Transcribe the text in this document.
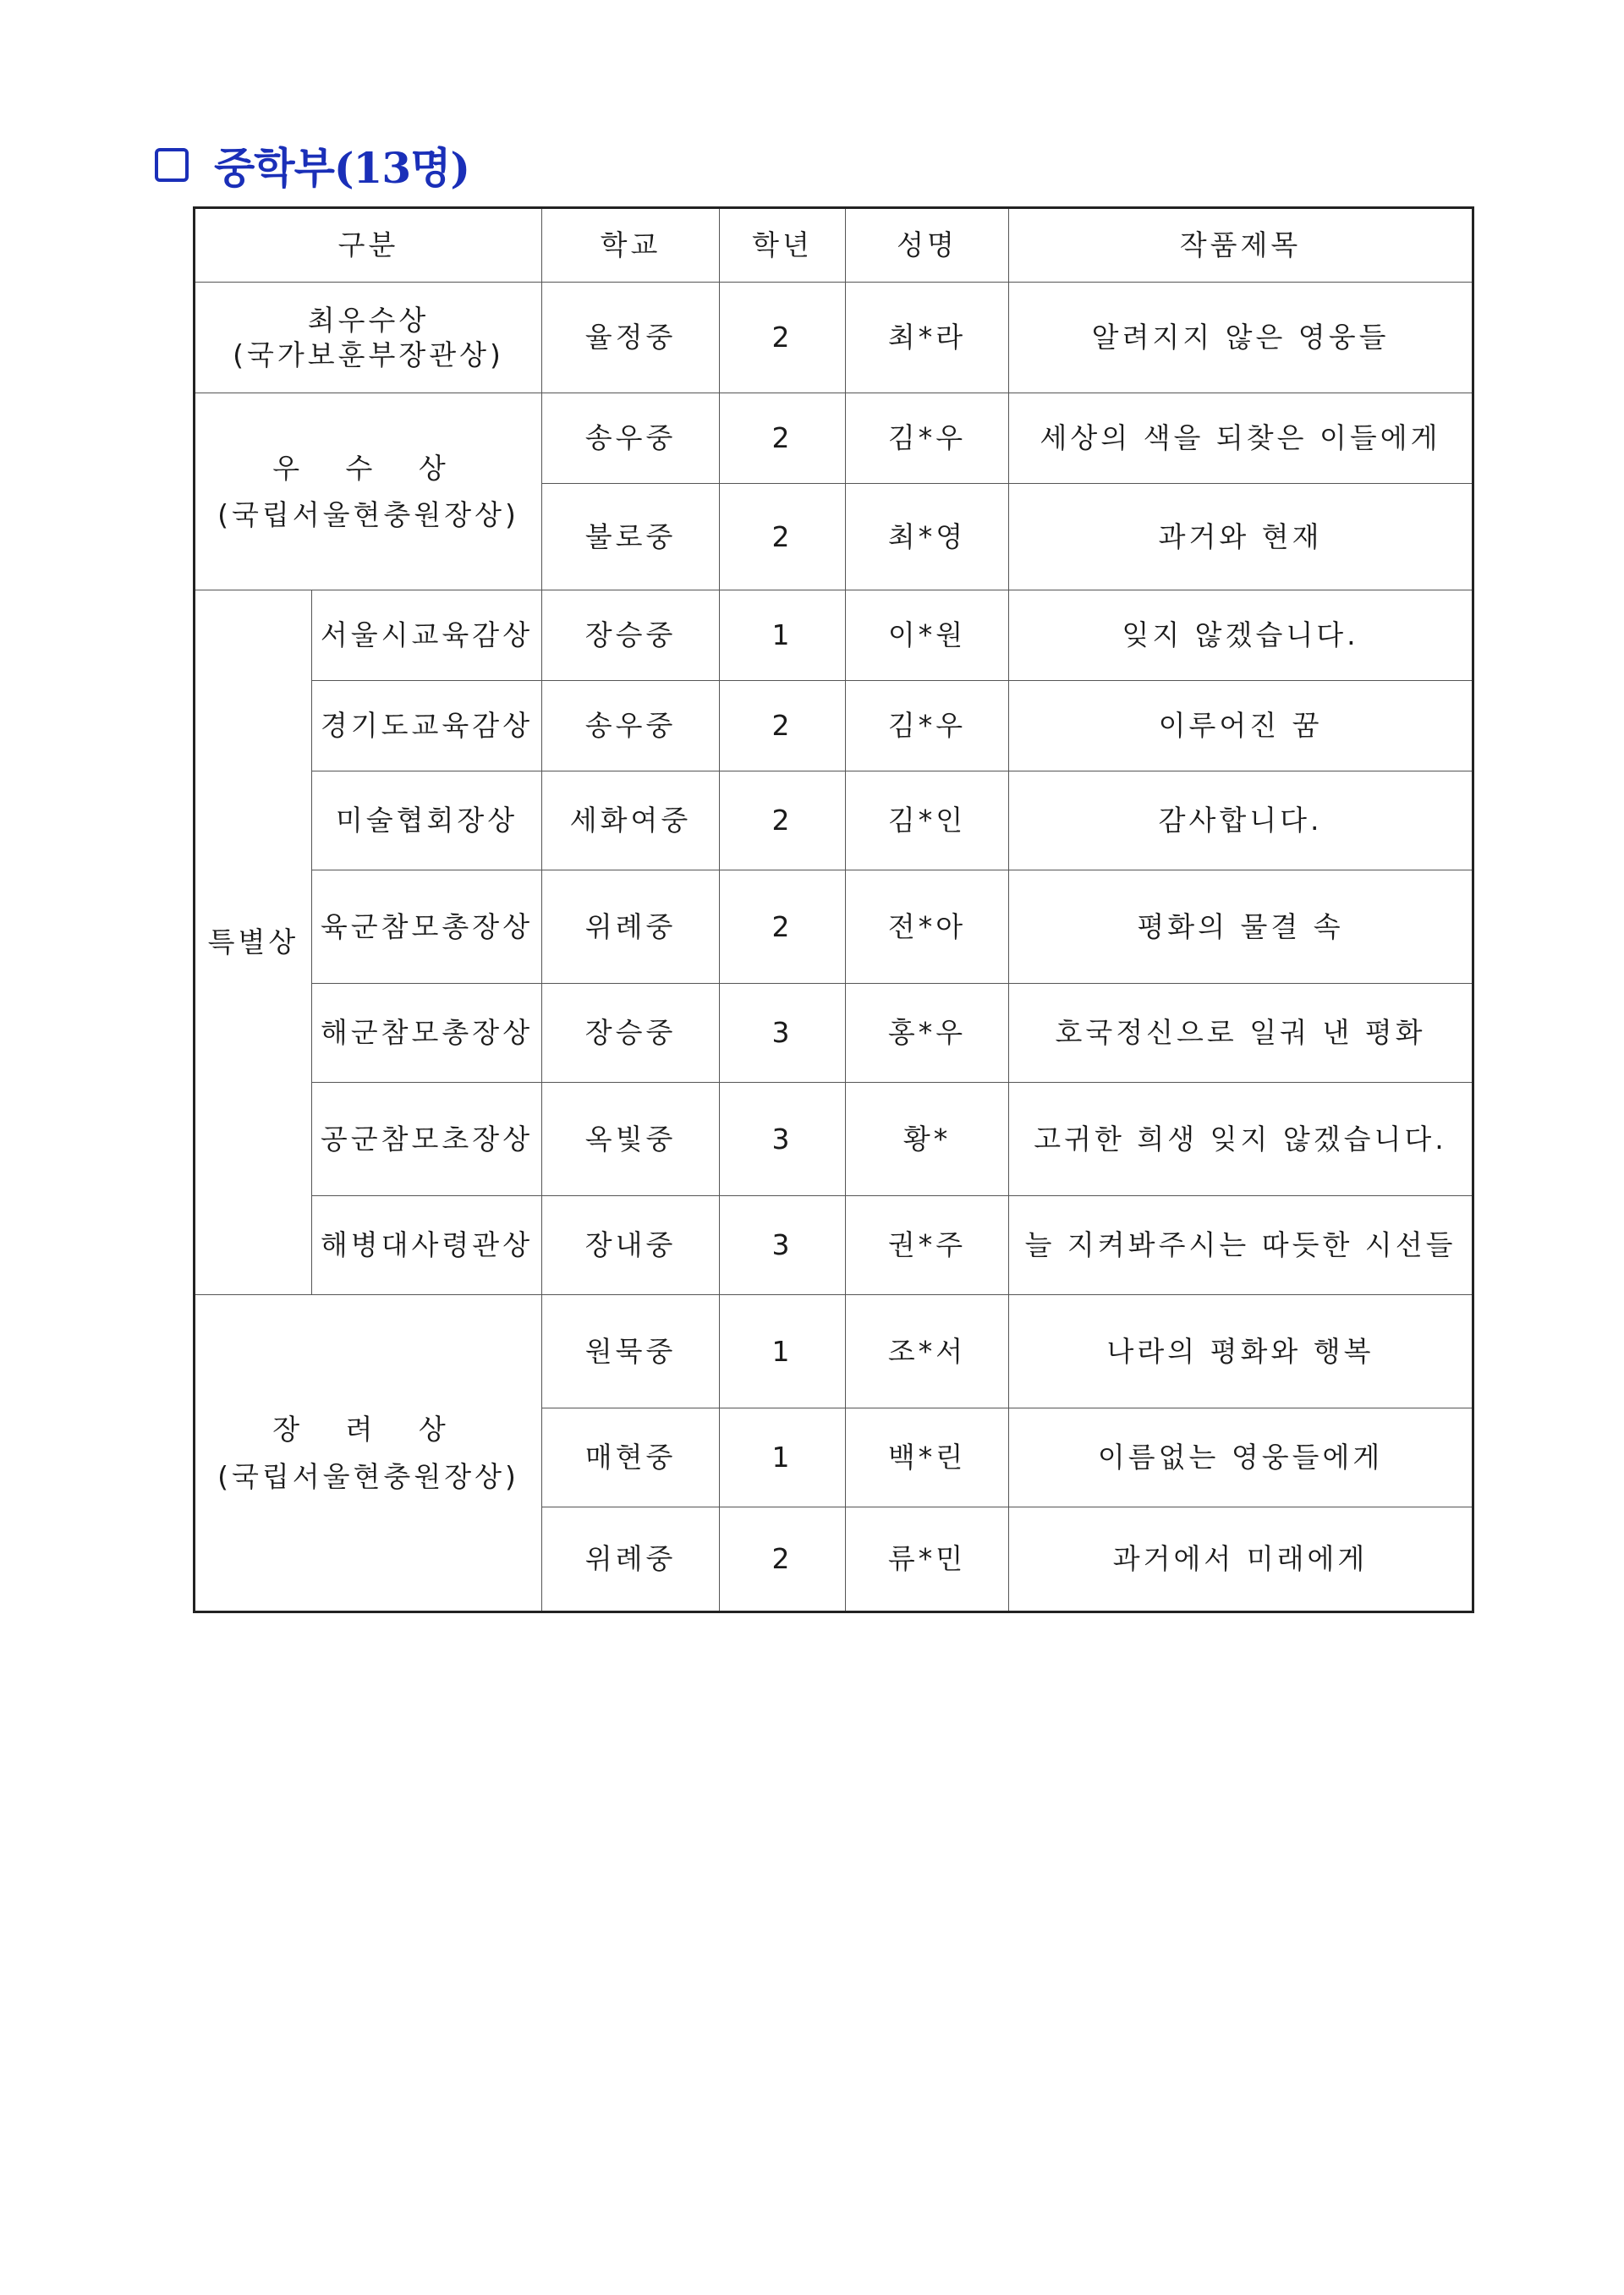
중학부(13명)
구분		학교	학년	성명	작품제목

최우수상
(국가보훈부장관상)		율정중	2	최*라	알려지지 않은 영웅들

우 수 상
(국립서울현충원장상)		송우중	2	김*우	세상의 색을 되찾은 이들에게
		불로중	2	최*영	과거와 현재
특별상	서울시교육감상	장승중	1	이*원	잊지 않겠습니다.
	경기도교육감상	송우중	2	김*우	이루어진 꿈
	미술협회장상	세화여중	2	김*인	감사합니다.
	육군참모총장상	위례중	2	전*아	평화의 물결 속
	해군참모총장상	장승중	3	홍*우	호국정신으로 일궈 낸 평화
	공군참모초장상	옥빛중	3	황*	고귀한 희생 잊지 않겠습니다.
	해병대사령관상	장내중	3	권*주	늘 지켜봐주시는 따듯한 시선들

장 려 상
(국립서울현충원장상)		원묵중	1	조*서	나라의 평화와 행복
		매현중	1	백*린	이름없는 영웅들에게
		위례중	2	류*민	과거에서 미래에게
